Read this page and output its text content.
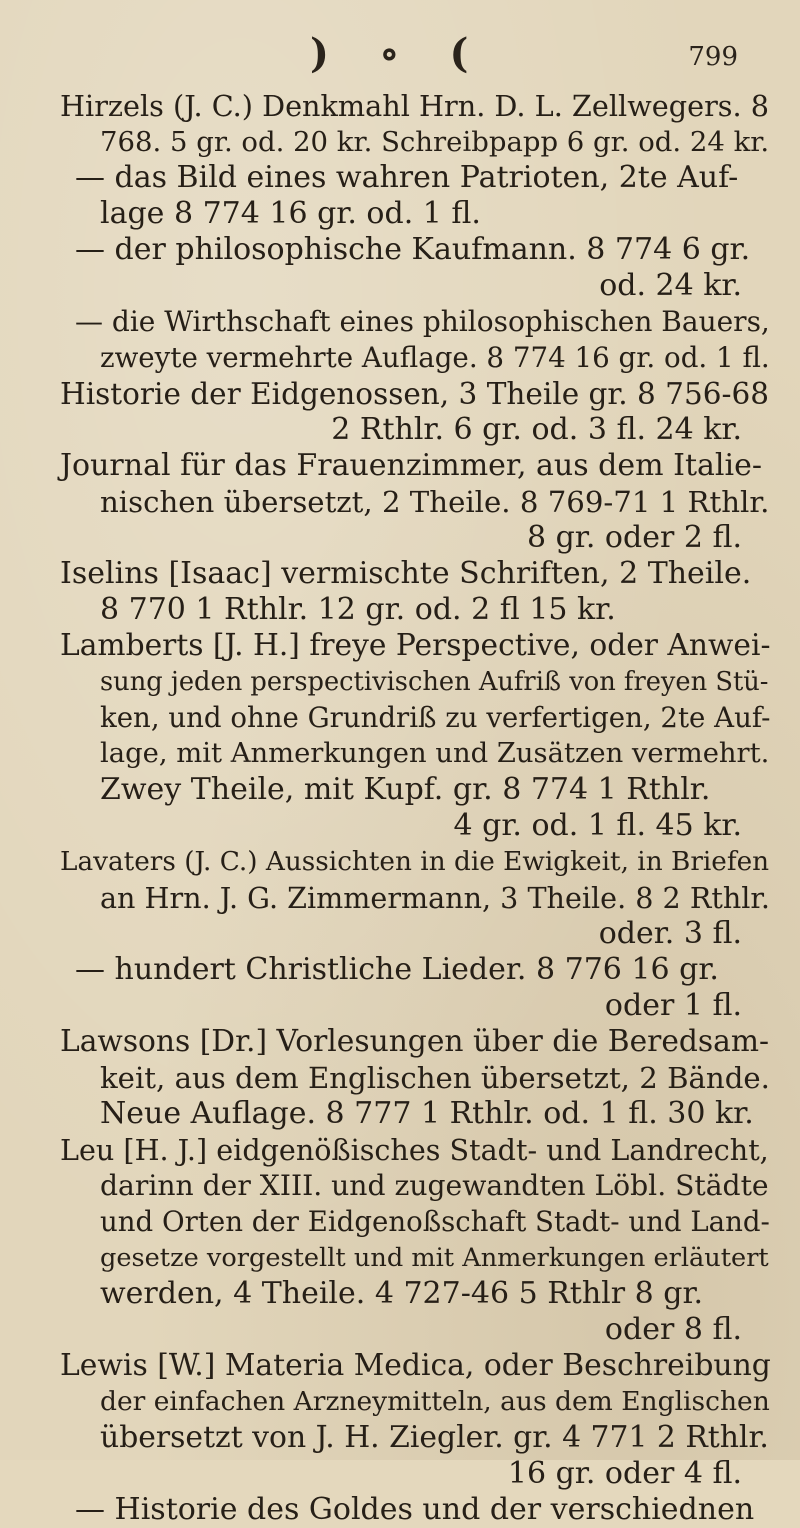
) ∘ (	799
Hirzels (J. C.) Denkmahl Hrn. D. L. Zellwegers. 8
768. 5 gr. od. 20 kr. Schreibpapp 6 gr. od. 24 kr.
— das Bild eines wahren Patrioten, 2te Auf-
lage 8 774 16 gr. od. 1 fl.
— der philosophische Kaufmann. 8 774 6 gr.
od. 24 kr.
— die Wirthschaft eines philosophischen Bauers,
zweyte vermehrte Auflage. 8 774 16 gr. od. 1 fl.
Historie der Eidgenossen, 3 Theile gr. 8 756-68
2 Rthlr. 6 gr. od. 3 fl. 24 kr.
Journal für das Frauenzimmer, aus dem Italie-
nischen übersetzt, 2 Theile. 8 769-71 1 Rthlr.
8 gr. oder 2 fl.
Iselins [Isaac] vermischte Schriften, 2 Theile.
8 770 1 Rthlr. 12 gr. od. 2 fl 15 kr.
Lamberts [J. H.] freye Perspective, oder Anwei-
sung jeden perspectivischen Aufriß von freyen Stü-
ken, und ohne Grundriß zu verfertigen, 2te Auf-
lage, mit Anmerkungen und Zusätzen vermehrt.
Zwey Theile, mit Kupf. gr. 8 774 1 Rthlr.
4 gr. od. 1 fl. 45 kr.
Lavaters (J. C.) Aussichten in die Ewigkeit, in Briefen
an Hrn. J. G. Zimmermann, 3 Theile. 8 2 Rthlr.
oder. 3 fl.
— hundert Christliche Lieder. 8 776 16 gr.
oder 1 fl.
Lawsons [Dr.] Vorlesungen über die Beredsam-
keit, aus dem Englischen übersetzt, 2 Bände.
Neue Auflage. 8 777 1 Rthlr. od. 1 fl. 30 kr.
Leu [H. J.] eidgenößisches Stadt- und Landrecht,
darinn der XIII. und zugewandten Löbl. Städte
und Orten der Eidgenoßschaft Stadt- und Land-
gesetze vorgestellt und mit Anmerkungen erläutert
werden, 4 Theile. 4 727-46 5 Rthlr 8 gr.
oder 8 fl.
Lewis [W.] Materia Medica, oder Beschreibung
der einfachen Arzneymitteln, aus dem Englischen
übersetzt von J. H. Ziegler. gr. 4 771 2 Rthlr.
16 gr. oder 4 fl.
— Historie des Goldes und der verschiednen
